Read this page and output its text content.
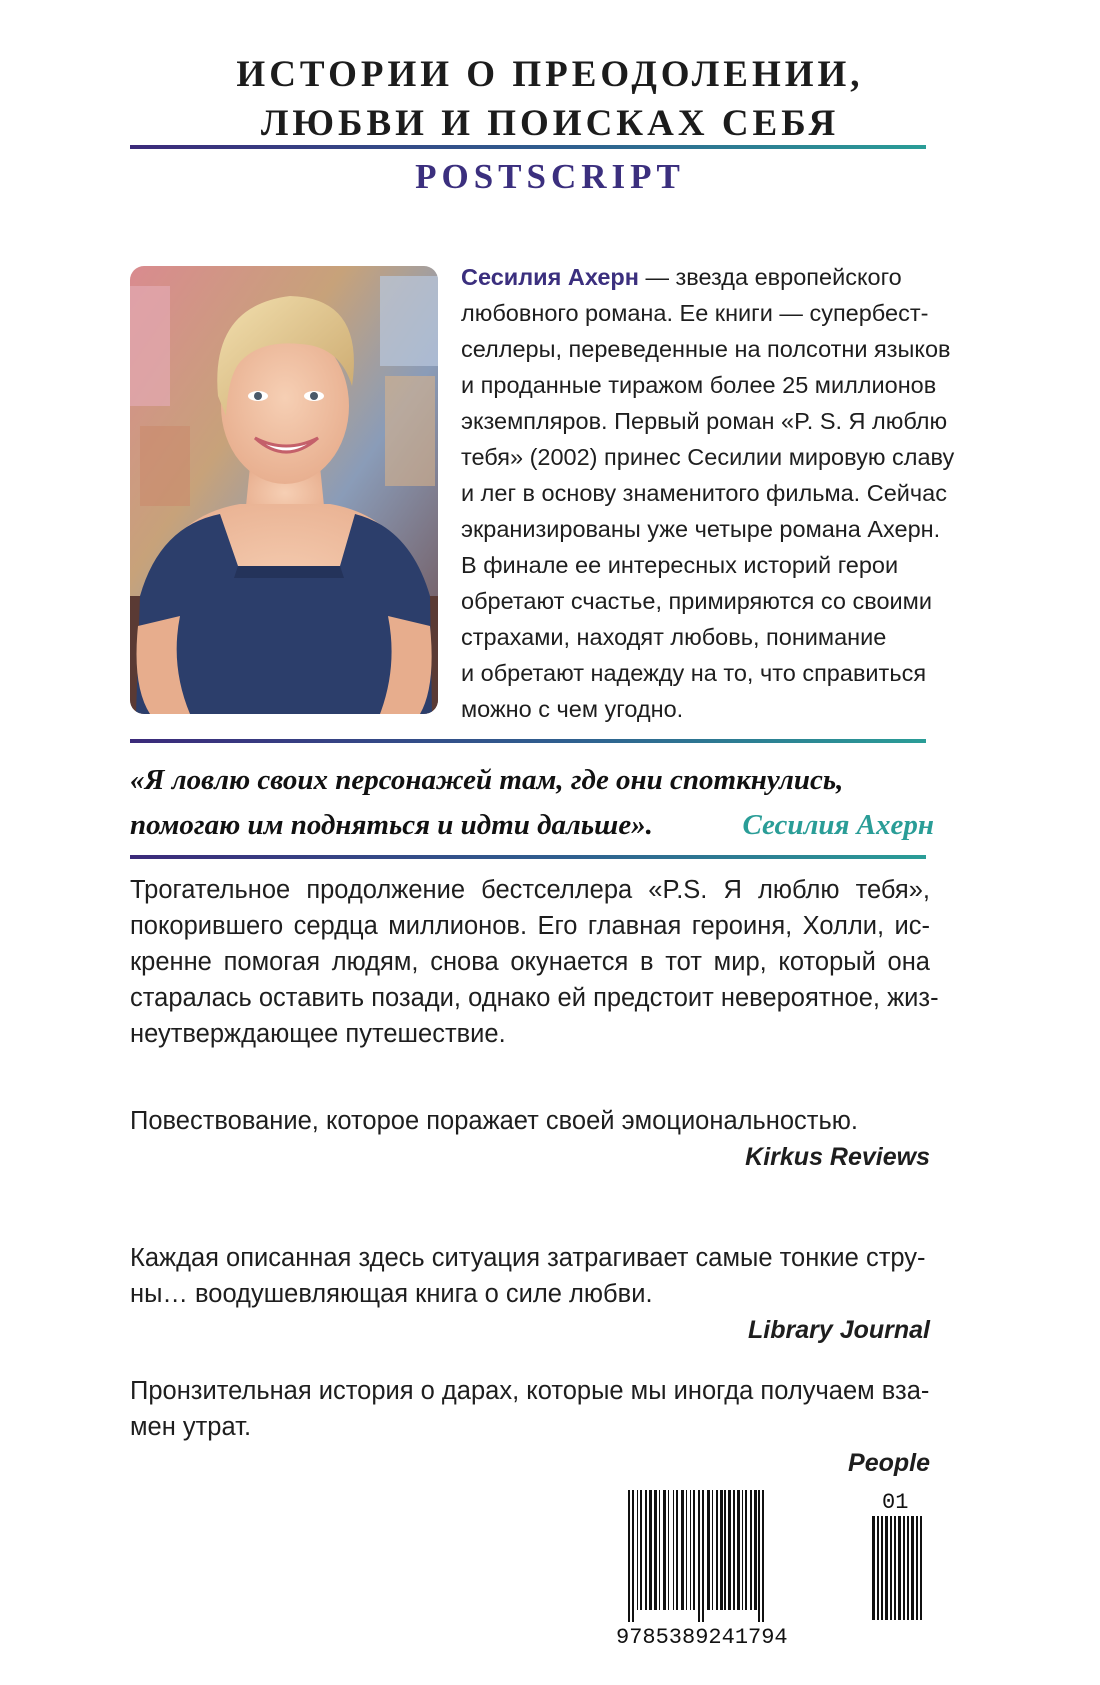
ИСТОРИИ О ПРЕОДОЛЕНИИ,
ЛЮБВИ И ПОИСКАХ СЕБЯ
POSTSCRIPT
Сесилия Ахерн — звезда европейского
любовного романа. Ее книги — супербест-
селлеры, переведенные на полсотни языков
и проданные тиражом более 25 миллионов
экземпляров. Первый роман «P. S. Я люблю
тебя» (2002) принес Сесилии мировую славу
и лег в основу знаменитого фильма. Сейчас
экранизированы уже четыре романа Ахерн.
В финале ее интересных историй герои
обретают счастье, примиряются со своими
страхами, находят любовь, понимание
и обретают надежду на то, что справиться
можно с чем угодно.
«Я ловлю своих персонажей там, где они споткнулись,
помогаю им подняться и идти дальше».	Сесилия Ахерн
Трогательное продолжение бестселлера «P.S. Я люблю тебя»,
покорившего сердца миллионов. Его главная героиня, Холли, ис-
кренне помогая людям, снова окунается в тот мир, который она
старалась оставить позади, однако ей предстоит невероятное, жиз-
неутверждающее путешествие.
Повествование, которое поражает своей эмоциональностью.
Kirkus Reviews
Каждая описанная здесь ситуация затрагивает самые тонкие стру-
ны… воодушевляющая книга о силе любви.
Library Journal
Пронзительная история о дарах, которые мы иногда получаем вза-
мен утрат.
People
9785389241794
01
